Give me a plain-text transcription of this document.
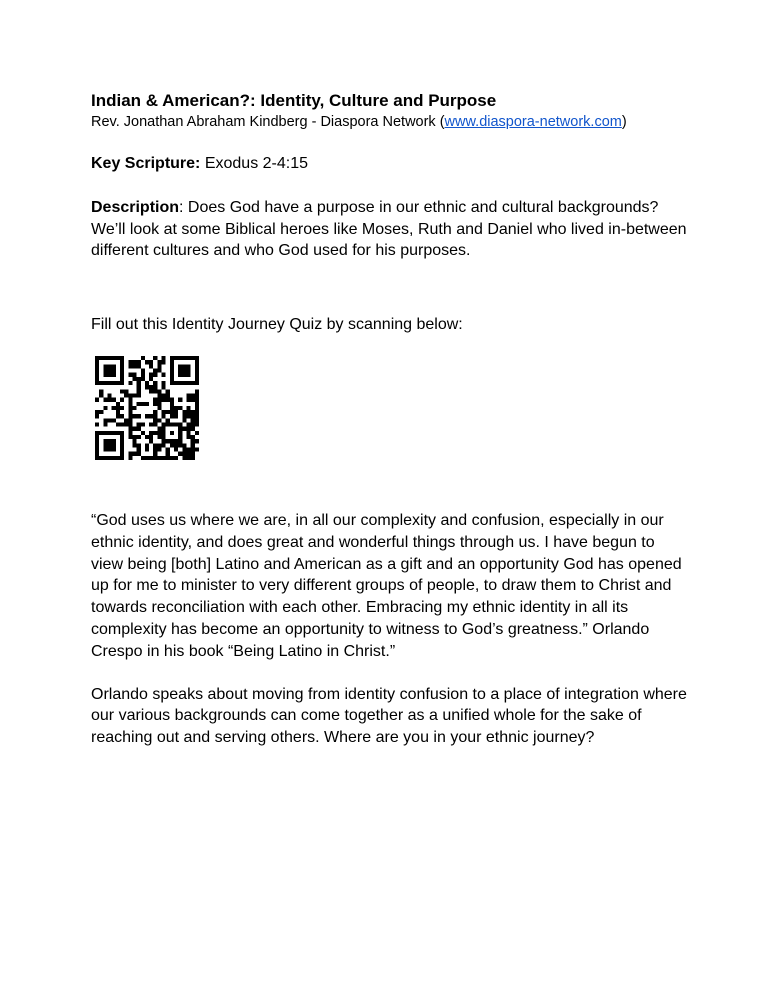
Indian & American?: Identity, Culture and Purpose

Rev. Jonathan Abraham Kindberg - Diaspora Network (www.diaspora-network.com)

Key Scripture: Exodus 2-4:15

Description: Does God have a purpose in our ethnic and cultural backgrounds? We’ll look at some Biblical heroes like Moses, Ruth and Daniel who lived in-between different cultures and who God used for his purposes.

Fill out this Identity Journey Quiz by scanning below:

“God uses us where we are, in all our complexity and confusion, especially in our ethnic identity, and does great and wonderful things through us. I have begun to view being [both] Latino and American as a gift and an opportunity God has opened up for me to minister to very different groups of people, to draw them to Christ and towards reconciliation with each other. Embracing my ethnic identity in all its complexity has become an opportunity to witness to God’s greatness.” Orlando Crespo in his book “Being Latino in Christ.”

Orlando speaks about moving from identity confusion to a place of integration where our various backgrounds can come together as a unified whole for the sake of reaching out and serving others. Where are you in your ethnic journey?
